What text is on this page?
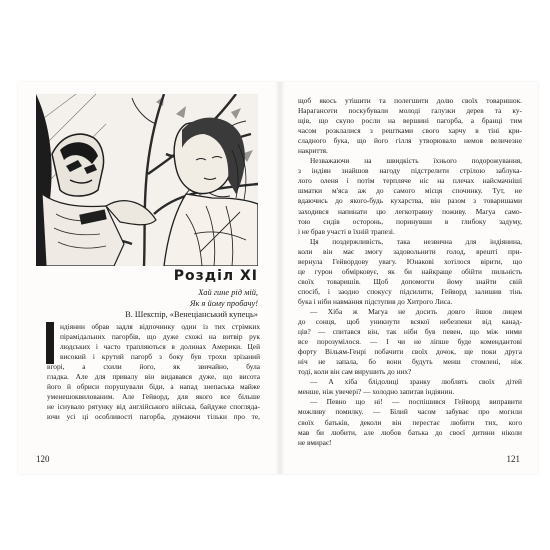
Розділ XI
Хай гине рід мій,
Як я йому пробачу!
В. Шекспір, «Венеціанський купець»
ндіянин обрав задля відпочинку один із тих стрімких
пірамідальних пагорбів, що дуже схожі на витвір рук
людських і часто трапляються в долинах Америки. Цей
високий і крутий пагорб з боку був трохи зрізаний
вгорі, а схили його, як звичайно, була
гладка. Але для привалу він видавався дуже, що висота
його й обриси порушували біди, а напад знепаська майже
уменешоквилованим. Але Гейворд, для якого все більше
не існувало рятунку від англійського війська, байдуже спогляда-
ючи усі ці особливості пагорба, думаючи тільки про те,
120
щоб якось утішити та полегшити долю своїх товаришок.
Нарагансети поскубували молоді галузки дерев та ку-
щів, що скупо росли на вершині пагорба, а бранці тим
часом розклалися з рештками свого харчу в тіні кри-
сладного бука, що його гілля утворювало немов величезне
накриття.
Незважаючи на швидкість їхнього подорожування,
з індіян знайшов нагоду підстрелити стрілою заблука-
лого оленя і потім терпляче ніс на плечах найсмачніші
шматки м'яса аж до самого місця спочинку. Тут, не
вдаючись до якого-будь кухарства, він разом з товаришами
заходився напинати цю легкотравну поживу. Магуа само-
тою сидів осторонь, поринувши в глибоку задуму,
і не брав участі в їхній трапезі.
Ця поздержливість, така незвична для індіянина,
коли він має змогу задовольнити голод, врешті при-
вернула Гейвордову увагу. Юнакові хотілося вірити, що
це гурон обмірковує, як би найкраще обійти пильність
своїх товаришів. Щоб допомогти йому знайти свій
спосіб, і заодно спокусу підсилити, Гейворд залишив тінь
бука і ніби навмання підступив до Хитрого Лиса.
— Хіба ж Магуа не досить довго йшов лицем
до сонця, щоб уникнути всякої небезпеки від канад-
ців? — спитався він, так ніби був певен, що між ними
все порозумілося. — І чи не ліпше буде комендантові
форту Вільям-Генрі побачити своїх дочок, ще поки друга
ніч не запала, бо вони будуть менш стомлені, ніж
тоді, коли він сам вирушить до них?
— А хіба блідолиці зранку люблять своїх дітей
менше, ніж увечері? — холодно запитав індіянин.
— Певно що ні! — поспішився Гейворд виправити
можливу помилку. — Білий часом забуває про могили
своїх батьків, деколи він перестає любити тих, кого
мав би любити, але любов батька до своєї дитини ніколи
не вмирає!
121
